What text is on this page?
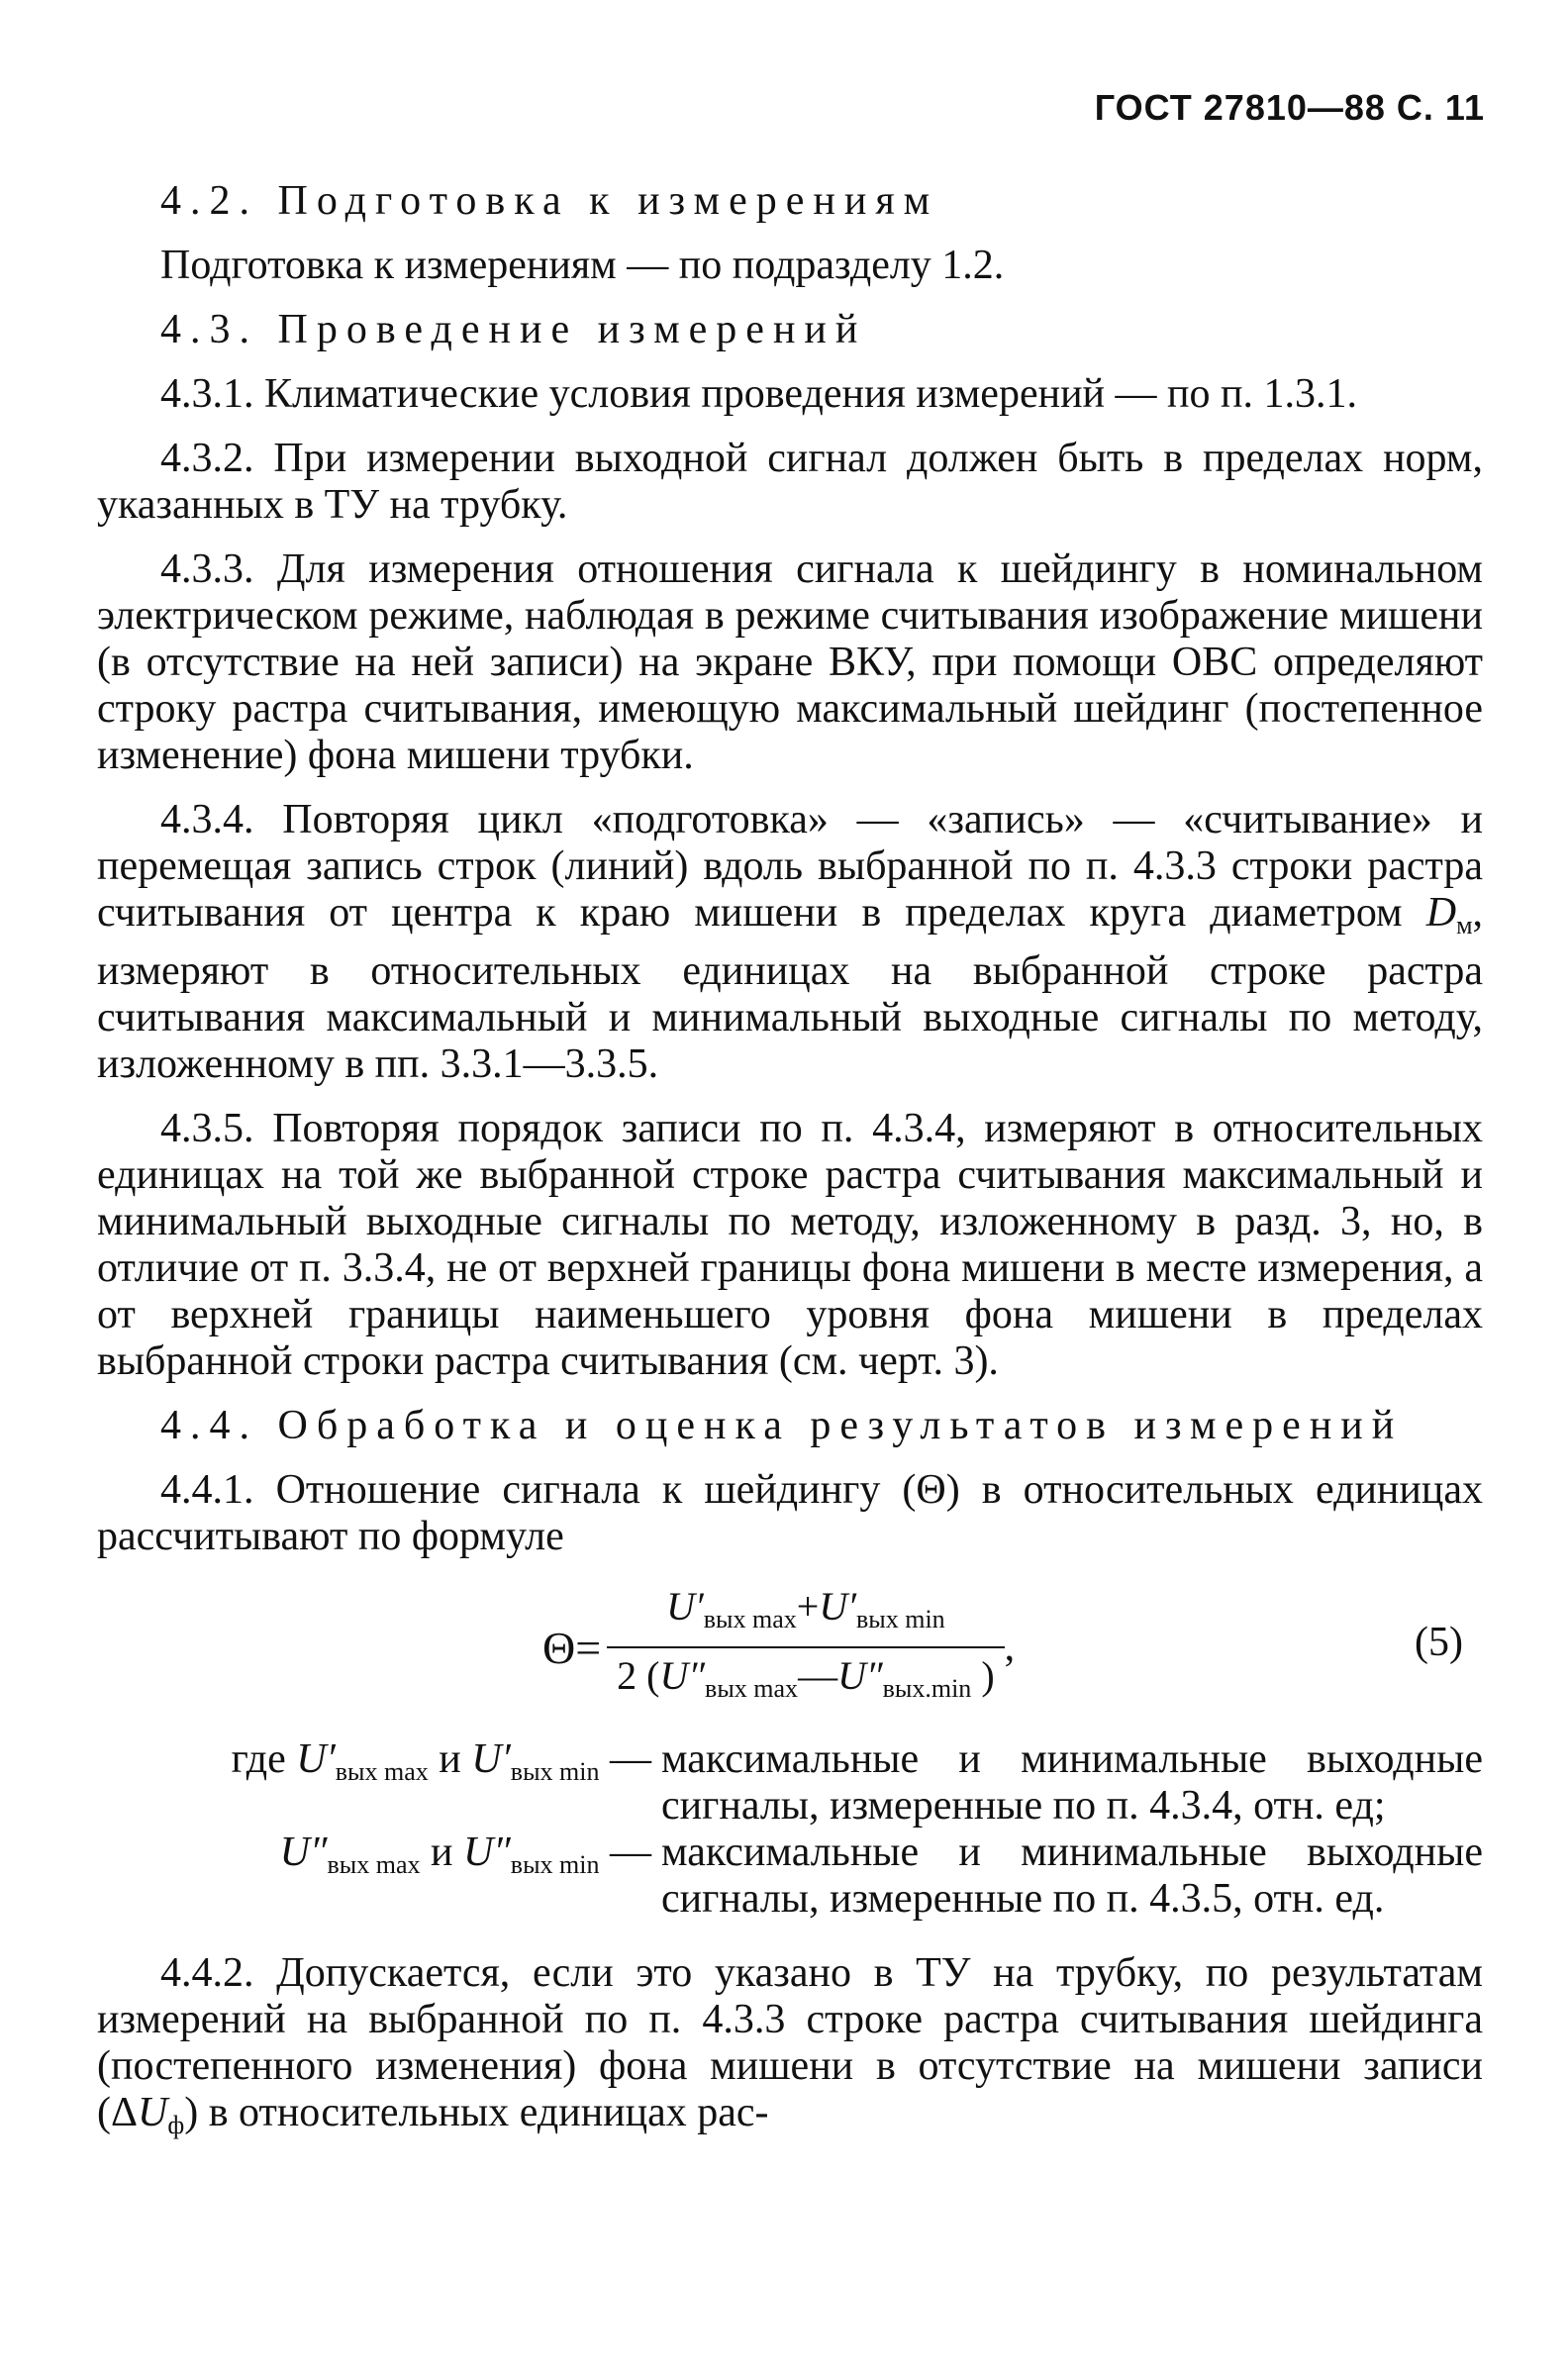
ГОСТ 27810—88 С. 11

4.2. Подготовка к измерениям

Подготовка к измерениям — по подразделу 1.2.

4.3. Проведение измерений

4.3.1. Климатические условия проведения измерений — по п. 1.3.1.

4.3.2. При измерении выходной сигнал должен быть в пределах норм, указанных в ТУ на трубку.

4.3.3. Для измерения отношения сигнала к шейдингу в номинальном электрическом режиме, наблюдая в режиме считывания изображение мишени (в отсутствие на ней записи) на экране ВКУ, при помощи ОВС определяют строку растра считывания, имеющую максимальный шейдинг (постепенное изменение) фона мишени трубки.

4.3.4. Повторяя цикл «подготовка» — «запись» — «считывание» и перемещая запись строк (линий) вдоль выбранной по п. 4.3.3 строки растра считывания от центра к краю мишени в пределах круга диаметром $D_м$, измеряют в относительных единицах на выбранной строке растра считывания максимальный и минимальный выходные сигналы по методу, изложенному в пп. 3.3.1—3.3.5.

4.3.5. Повторяя порядок записи по п. 4.3.4, измеряют в относительных единицах на той же выбранной строке растра считывания максимальный и минимальный выходные сигналы по методу, изложенному в разд. 3, но, в отличие от п. 3.3.4, не от верхней границы фона мишени в месте измерения, а от верхней границы наименьшего уровня фона мишени в пределах выбранной строки растра считывания (см. черт. 3).

4.4. Обработка и оценка результатов измерений

4.4.1. Отношение сигнала к шейдингу (Θ) в относительных единицах рассчитывают по формуле

$\Theta= \frac{U'_{вых max}+U'_{вых min}}{2 (U''_{вых max}—U''_{вых.min} )}$ ,	(5)
где $U'_{вых max}$ и $U'_{вых min}$ — максимальные и минимальные выходные сигналы, измеренные по п. 4.3.4, отн. ед;
$U''_{вых max}$ и $U''_{вых min}$ — максимальные и минимальные выходные сигналы, измеренные по п. 4.3.5, отн. ед.

4.4.2. Допускается, если это указано в ТУ на трубку, по результатам измерений на выбранной по п. 4.3.3 строке растра считывания шейдинга (постепенного изменения) фона мишени в отсутствие на мишени записи $(\Delta U_ф)$ в относительных единицах рас-
